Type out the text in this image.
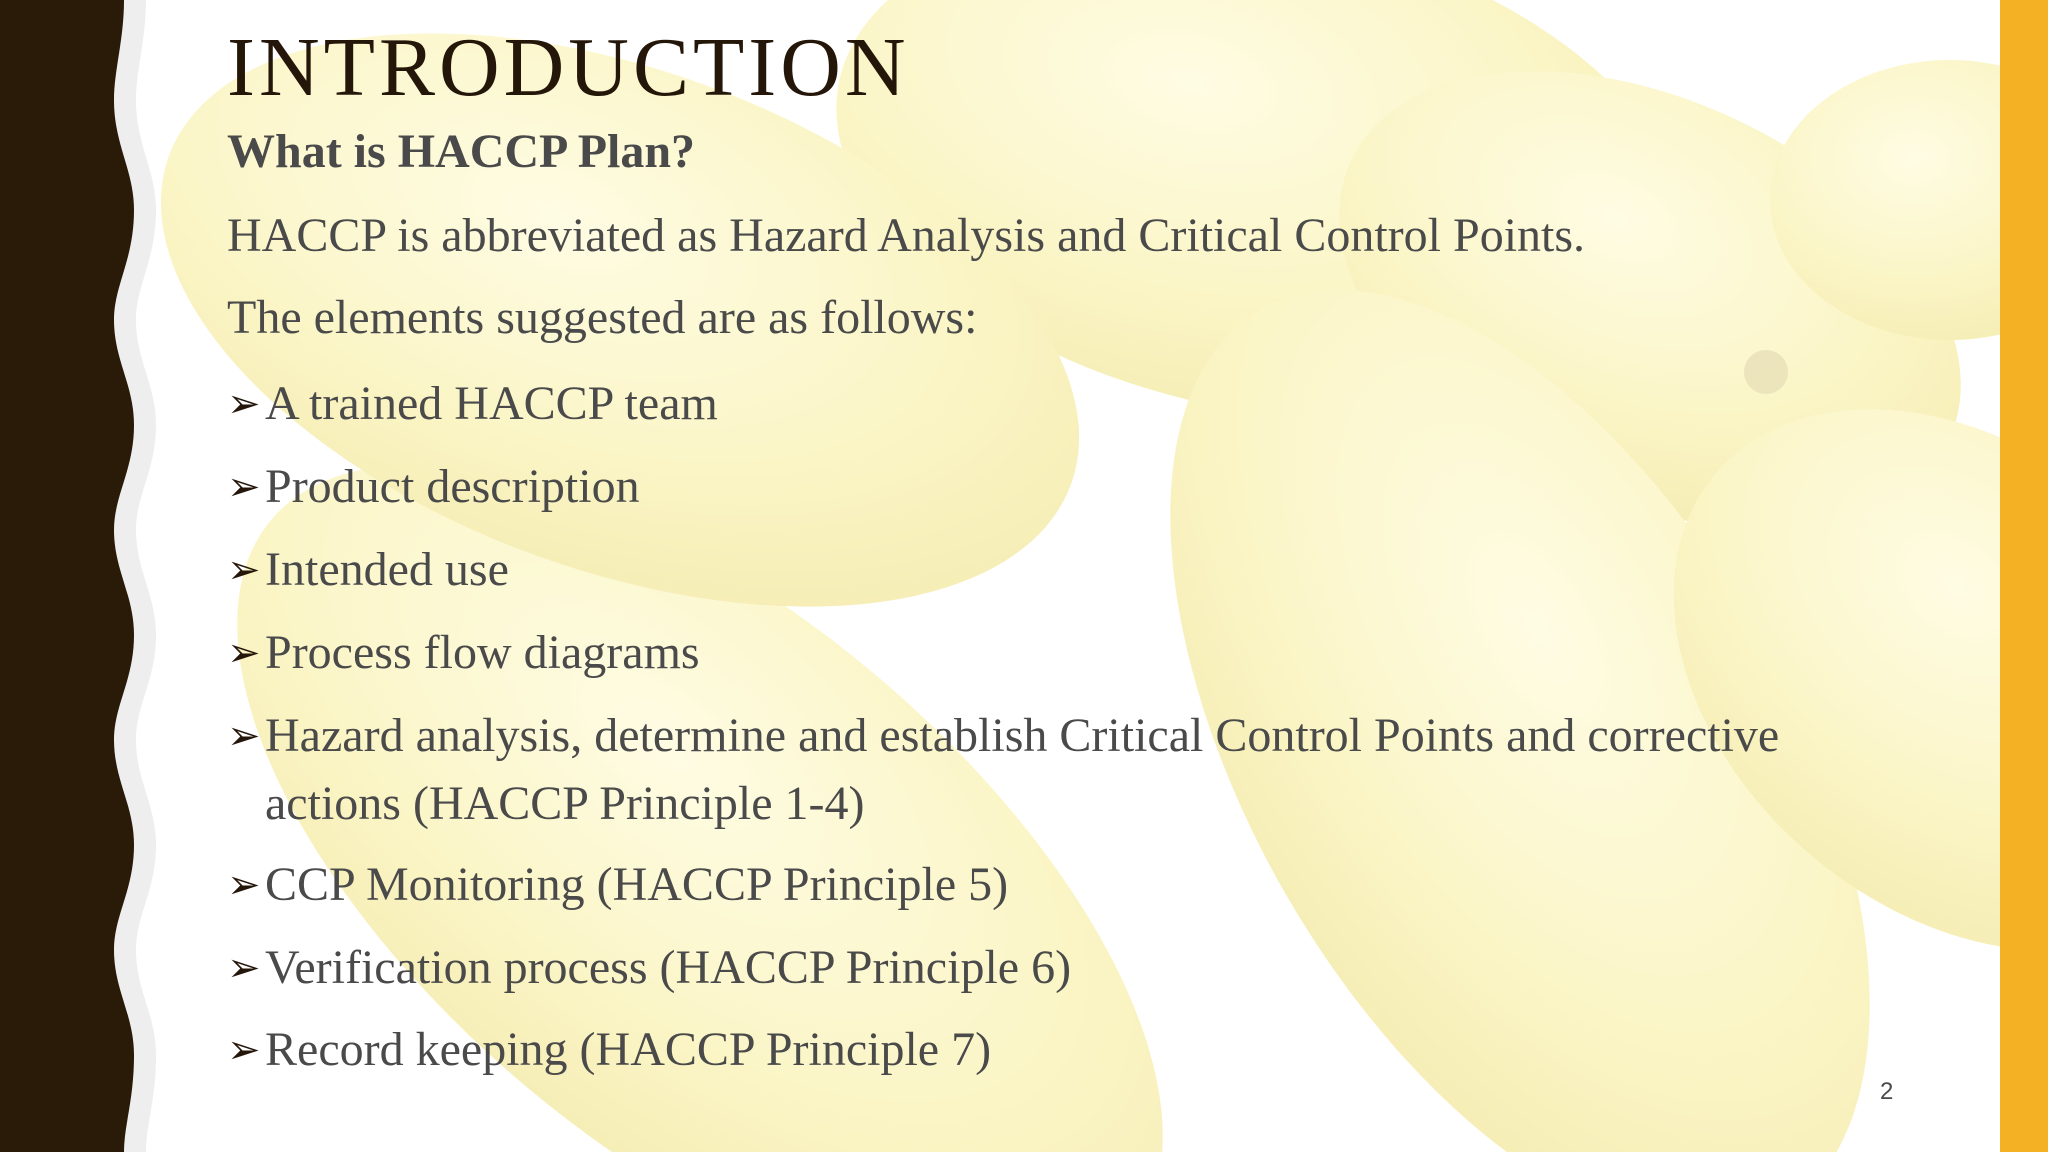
INTRODUCTION
What is HACCP Plan?
HACCP is abbreviated as Hazard Analysis and Critical Control Points.
The elements suggested are as follows:
➢ A trained HACCP team
➢ Product description
➢ Intended use
➢ Process flow diagrams
➢ Hazard analysis, determine and establish Critical Control Points and corrective actions (HACCP Principle 1-4)
➢ CCP Monitoring (HACCP Principle 5)
➢ Verification process (HACCP Principle 6)
➢ Record keeping (HACCP Principle 7)
2
